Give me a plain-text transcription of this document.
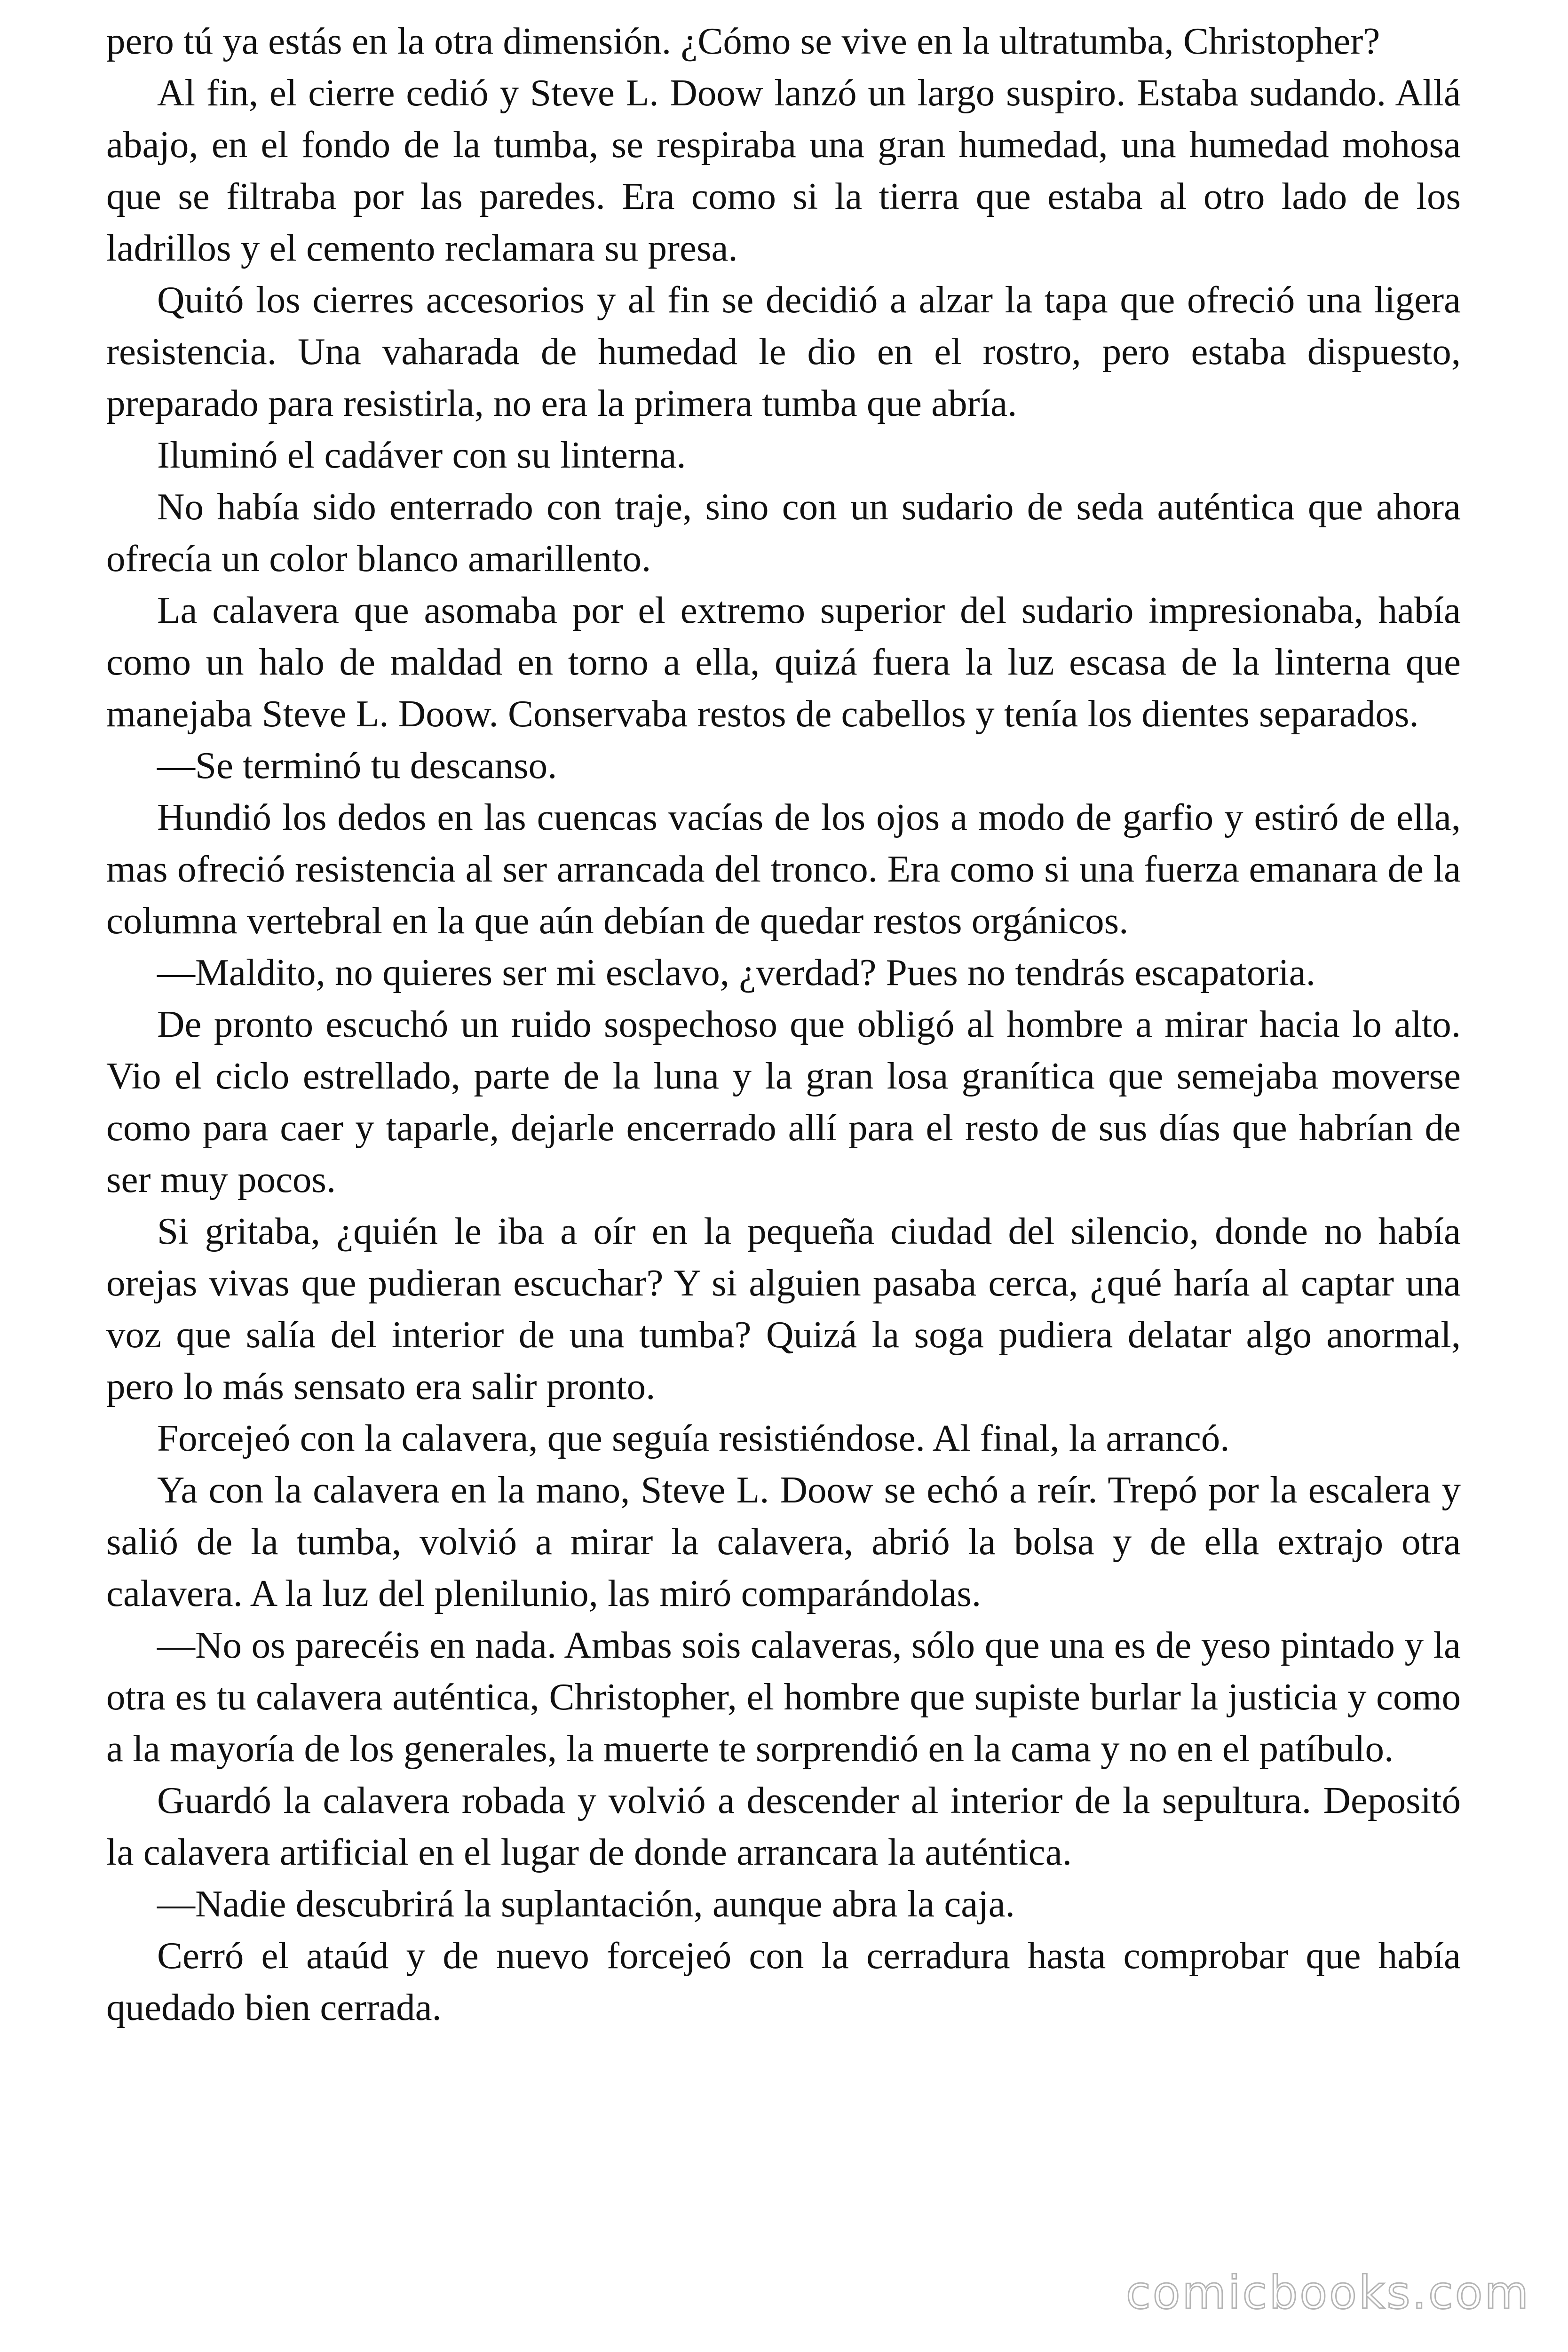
pero tú ya estás en la otra dimensión. ¿Cómo se vive en la ultratumba, Christopher?

Al fin, el cierre cedió y Steve L. Doow lanzó un largo suspiro. Estaba sudando. Allá abajo, en el fondo de la tumba, se respiraba una gran humedad, una humedad mohosa que se filtraba por las paredes. Era como si la tierra que estaba al otro lado de los ladrillos y el cemento reclamara su presa.

Quitó los cierres accesorios y al fin se decidió a alzar la tapa que ofreció una ligera resistencia. Una vaharada de humedad le dio en el rostro, pero estaba dispuesto, preparado para resistirla, no era la primera tumba que abría.

Iluminó el cadáver con su linterna.

No había sido enterrado con traje, sino con un sudario de seda auténtica que ahora ofrecía un color blanco amarillento.

La calavera que asomaba por el extremo superior del sudario impresionaba, había como un halo de maldad en torno a ella, quizá fuera la luz escasa de la linterna que manejaba Steve L. Doow. Conservaba restos de cabellos y tenía los dientes separados.

—Se terminó tu descanso.

Hundió los dedos en las cuencas vacías de los ojos a modo de garfio y estiró de ella, mas ofreció resistencia al ser arrancada del tronco. Era como si una fuerza emanara de la columna vertebral en la que aún debían de quedar restos orgánicos.

—Maldito, no quieres ser mi esclavo, ¿verdad? Pues no tendrás escapatoria.

De pronto escuchó un ruido sospechoso que obligó al hombre a mirar hacia lo alto. Vio el ciclo estrellado, parte de la luna y la gran losa granítica que semejaba moverse como para caer y taparle, dejarle encerrado allí para el resto de sus días que habrían de ser muy pocos.

Si gritaba, ¿quién le iba a oír en la pequeña ciudad del silencio, donde no había orejas vivas que pudieran escuchar? Y si alguien pasaba cerca, ¿qué haría al captar una voz que salía del interior de una tumba? Quizá la soga pudiera delatar algo anormal, pero lo más sensato era salir pronto.

Forcejeó con la calavera, que seguía resistiéndose. Al final, la arrancó.

Ya con la calavera en la mano, Steve L. Doow se echó a reír. Trepó por la escalera y salió de la tumba, volvió a mirar la calavera, abrió la bolsa y de ella extrajo otra calavera. A la luz del plenilunio, las miró comparándolas.

—No os parecéis en nada. Ambas sois calaveras, sólo que una es de yeso pintado y la otra es tu calavera auténtica, Christopher, el hombre que supiste burlar la justicia y como a la mayoría de los generales, la muerte te sorprendió en la cama y no en el patíbulo.

Guardó la calavera robada y volvió a descender al interior de la sepultura. Depositó la calavera artificial en el lugar de donde arrancara la auténtica.

—Nadie descubrirá la suplantación, aunque abra la caja.

Cerró el ataúd y de nuevo forcejeó con la cerradura hasta comprobar que había quedado bien cerrada.

comicbooks.com
